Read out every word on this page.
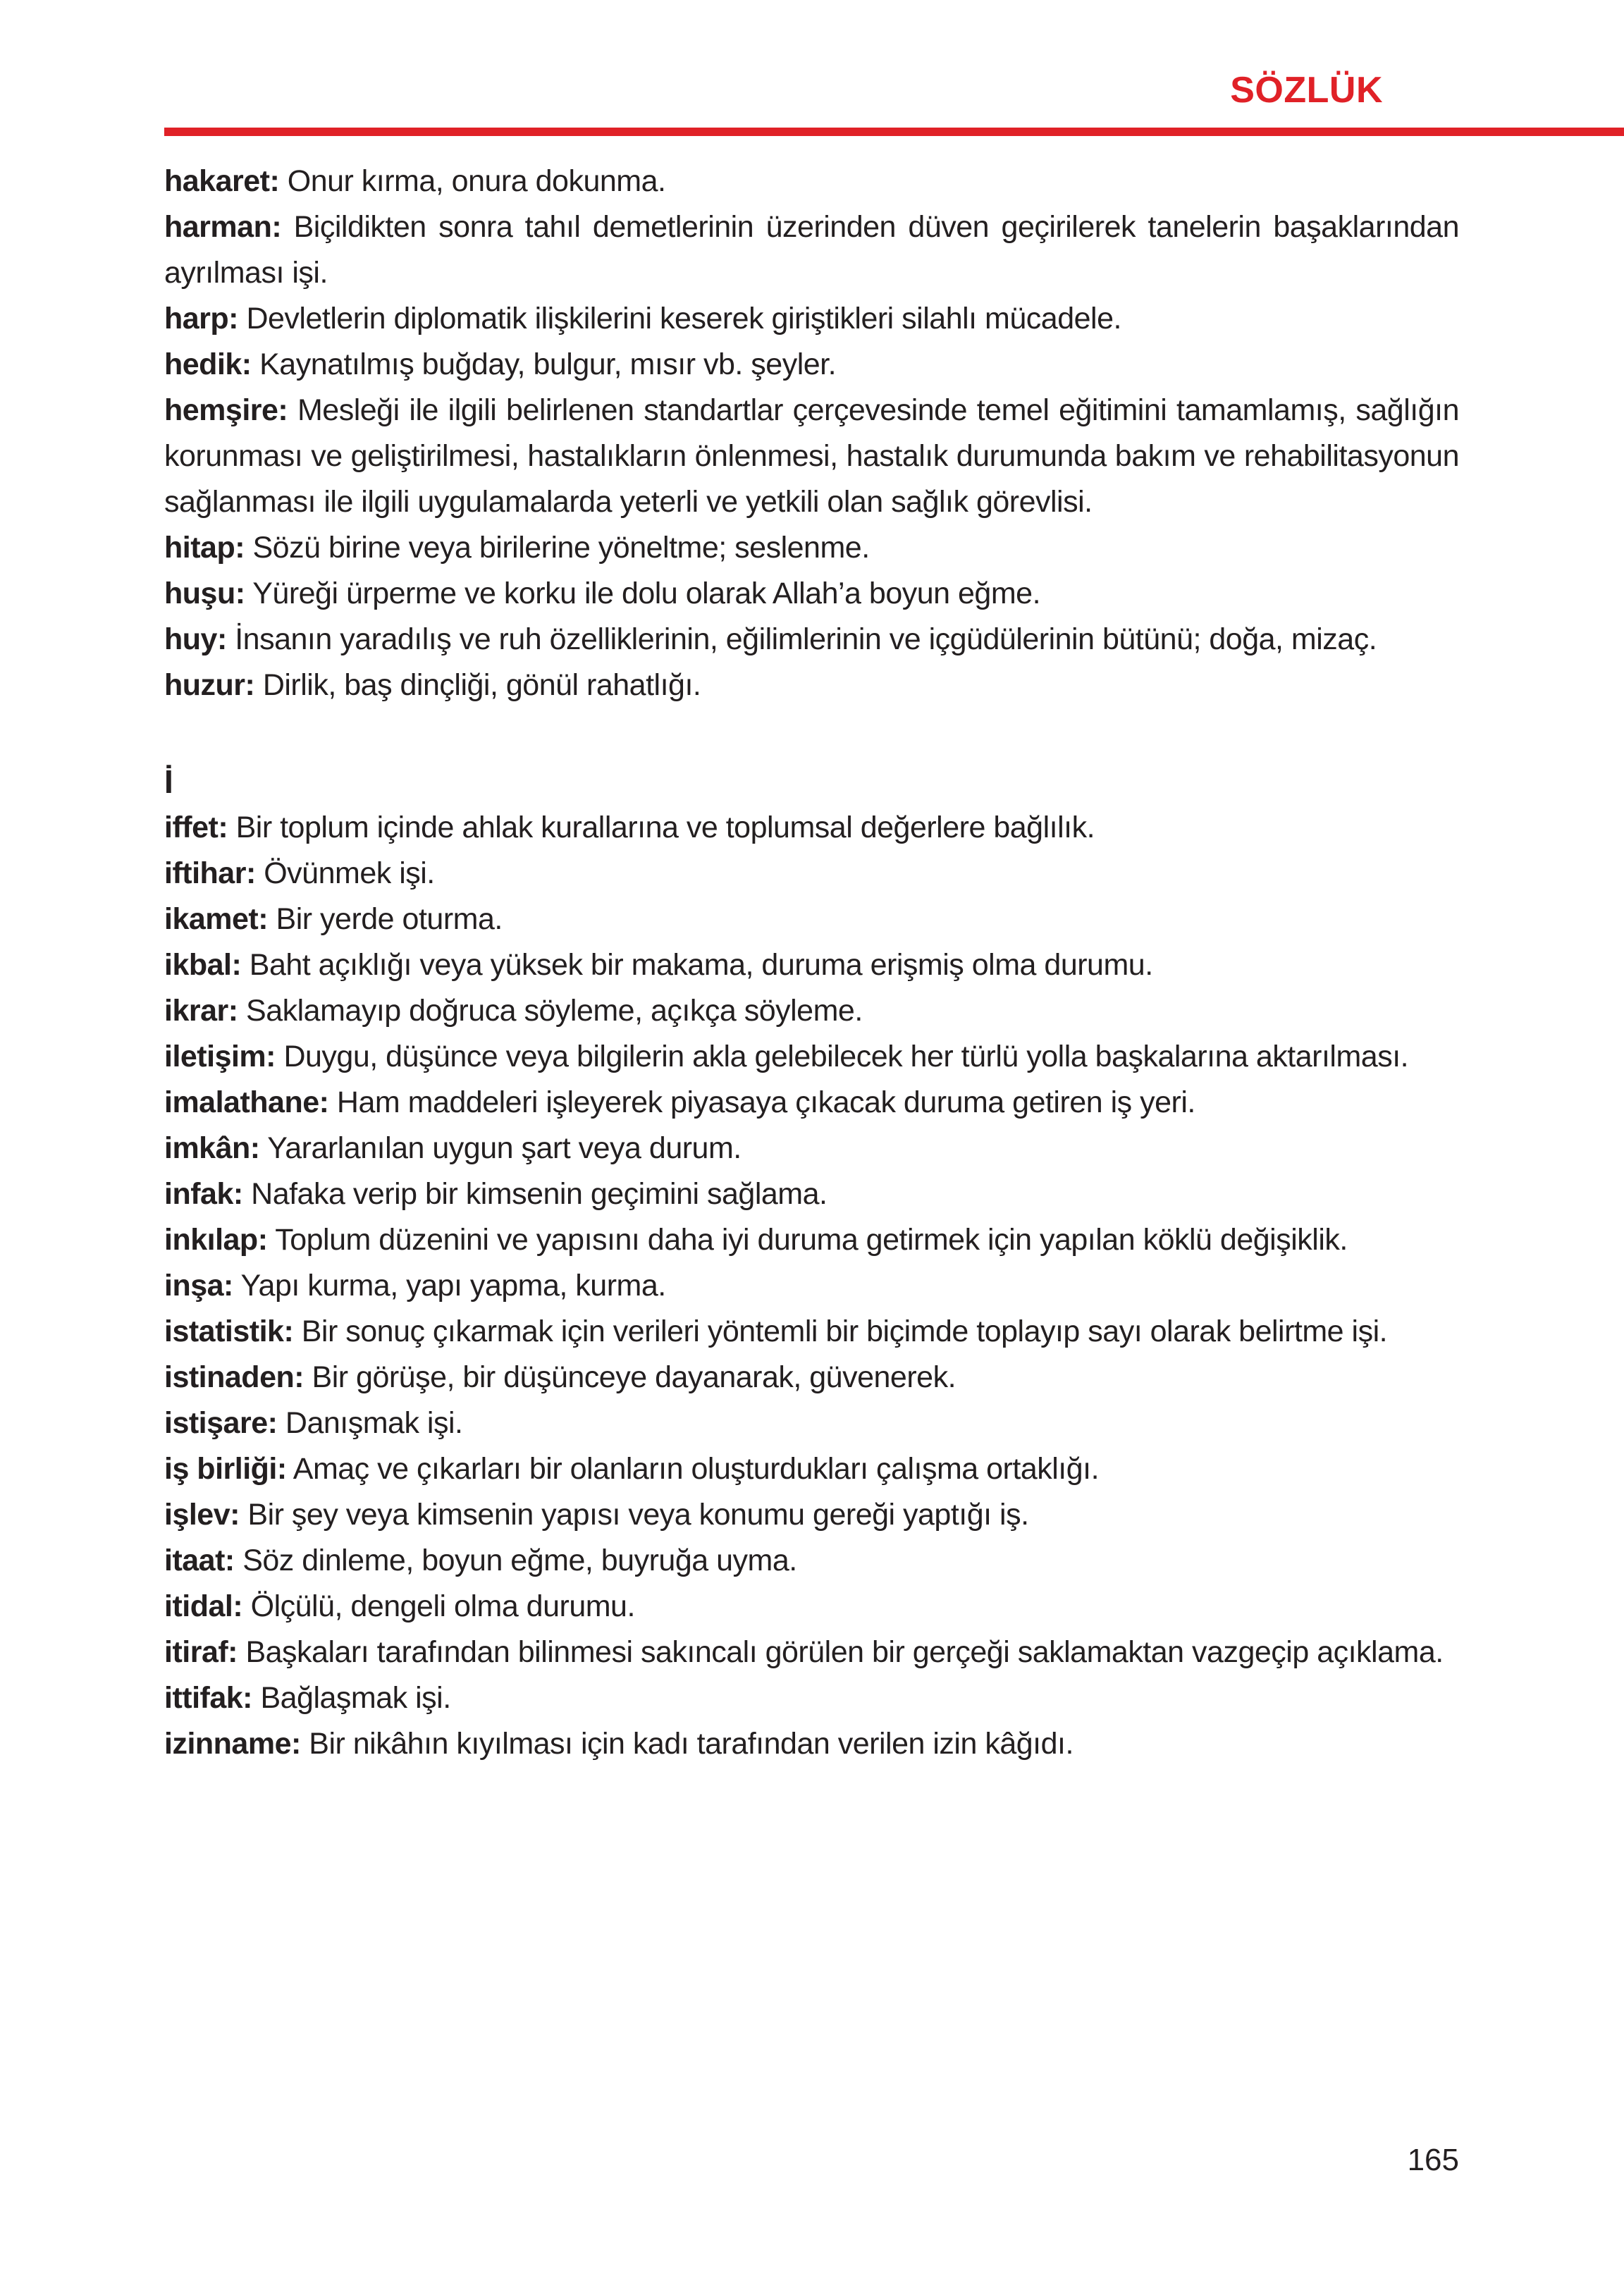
SÖZLÜK

hakaret: Onur kırma, onura dokunma.

harman: Biçildikten sonra tahıl demetlerinin üzerinden düven geçirilerek tanelerin başaklarından ayrılması işi.

harp: Devletlerin diplomatik ilişkilerini keserek giriştikleri silahlı mücadele.

hedik: Kaynatılmış buğday, bulgur, mısır vb. şeyler.

hemşire: Mesleği ile ilgili belirlenen standartlar çerçevesinde temel eğitimini tamamlamış, sağlığın korunması ve geliştirilmesi, hastalıkların önlenmesi, hastalık durumunda bakım ve rehabilitasyonun sağlanması ile ilgili uygulamalarda yeterli ve yetkili olan sağlık görevlisi.

hitap: Sözü birine veya birilerine yöneltme; seslenme.

huşu: Yüreği ürperme ve korku ile dolu olarak Allah’a boyun eğme.

huy: İnsanın yaradılış ve ruh özelliklerinin, eğilimlerinin ve içgüdülerinin bütünü; doğa, mizaç.

huzur: Dirlik, baş dinçliği, gönül rahatlığı.

İ

iffet: Bir toplum içinde ahlak kurallarına ve toplumsal değerlere bağlılık.

iftihar: Övünmek işi.

ikamet: Bir yerde oturma.

ikbal: Baht açıklığı veya yüksek bir makama, duruma erişmiş olma durumu.

ikrar: Saklamayıp doğruca söyleme, açıkça söyleme.

iletişim: Duygu, düşünce veya bilgilerin akla gelebilecek her türlü yolla başkalarına aktarılması.

imalathane: Ham maddeleri işleyerek piyasaya çıkacak duruma getiren iş yeri.

imkân: Yararlanılan uygun şart veya durum.

infak: Nafaka verip bir kimsenin geçimini sağlama.

inkılap: Toplum düzenini ve yapısını daha iyi duruma getirmek için yapılan köklü değişiklik.

inşa: Yapı kurma, yapı yapma, kurma.

istatistik: Bir sonuç çıkarmak için verileri yöntemli bir biçimde toplayıp sayı olarak belirtme işi.

istinaden: Bir görüşe, bir düşünceye dayanarak, güvenerek.

istişare: Danışmak işi.

iş birliği: Amaç ve çıkarları bir olanların oluşturdukları çalışma ortaklığı.

işlev: Bir şey veya kimsenin yapısı veya konumu gereği yaptığı iş.

itaat: Söz dinleme, boyun eğme, buyruğa uyma.

itidal: Ölçülü, dengeli olma durumu.

itiraf: Başkaları tarafından bilinmesi sakıncalı görülen bir gerçeği saklamaktan vazgeçip açıklama.

ittifak: Bağlaşmak işi.

izinname: Bir nikâhın kıyılması için kadı tarafından verilen izin kâğıdı.

165
